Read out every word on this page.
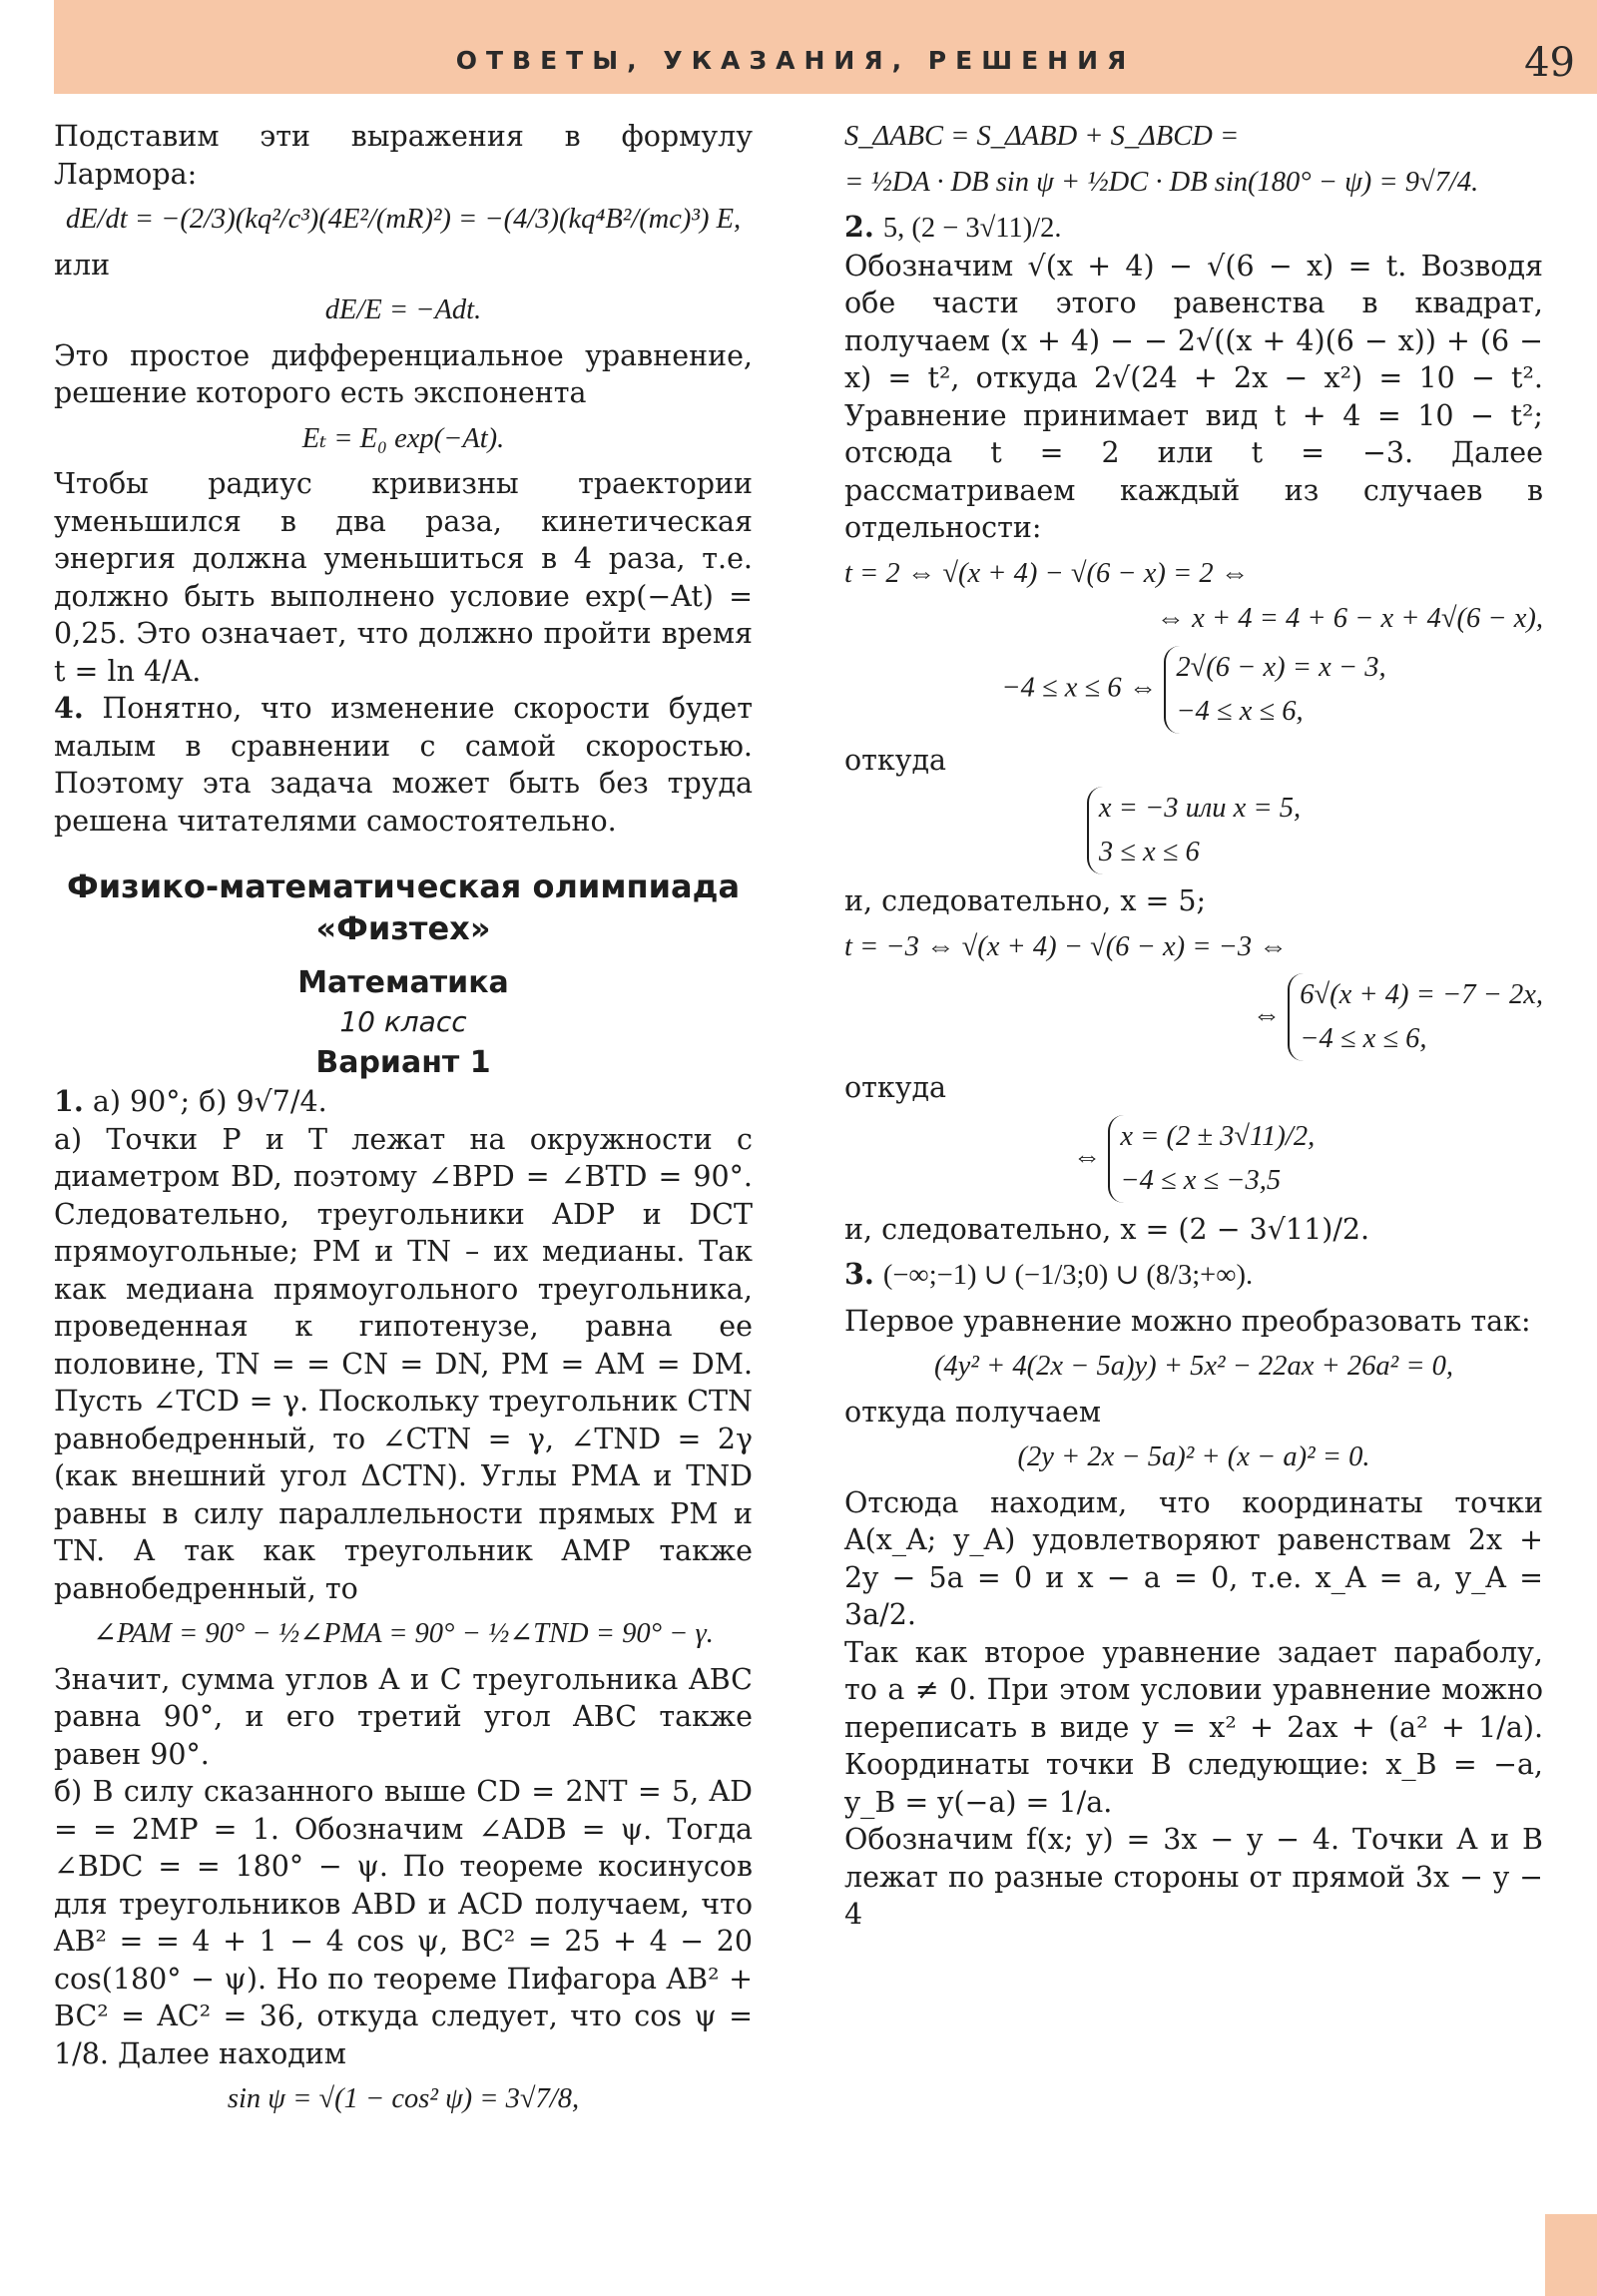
ОТВЕТЫ, УКАЗАНИЯ, РЕШЕНИЯ	49

Подставим эти выражения в формулу Лармора:

dE/dt = −(2/3)(kq²/c³)(4E²/(mR)²) = −(4/3)(kq⁴B²/(mc)³) E,

или

dE/E = −Adt.

Это простое дифференциальное уравнение, решение которого есть экспонента

Eₜ = E₀ exp(−At).

Чтобы радиус кривизны траектории уменьшился в два раза, кинетическая энергия должна уменьшиться в 4 раза, т.е. должно быть выполнено условие exp(−At) = 0,25. Это означает, что должно пройти время t = ln 4/A.

4. Понятно, что изменение скорости будет малым в сравнении с самой скоростью. Поэтому эта задача может быть без труда решена читателями самостоятельно.

Физико-математическая олимпиада
«Физтех»
Математика
10 класс
Вариант 1

1. а) 90°; б) 9√7/4.

а) Точки P и T лежат на окружности с диаметром BD, поэтому ∠BPD = ∠BTD = 90°. Следовательно, треугольники ADP и DCT прямоугольные; PM и TN – их медианы. Так как медиана прямоугольного треугольника, проведенная к гипотенузе, равна ее половине, TN = = CN = DN, PM = AM = DM. Пусть ∠TCD = γ. Поскольку треугольник CTN равнобедренный, то ∠CTN = γ, ∠TND = 2γ (как внешний угол ΔCTN). Углы PMA и TND равны в силу параллельности прямых PM и TN. А так как треугольник AMP также равнобедренный, то

∠PAM = 90° − ½∠PMA = 90° − ½∠TND = 90° − γ.

Значит, сумма углов A и C треугольника ABC равна 90°, и его третий угол ABC также равен 90°.

б) В силу сказанного выше CD = 2NT = 5, AD = = 2MP = 1. Обозначим ∠ADB = ψ. Тогда ∠BDC = = 180° − ψ. По теореме косинусов для треугольников ABD и ACD получаем, что AB² = = 4 + 1 − 4 cos ψ, BC² = 25 + 4 − 20 cos(180° − ψ). Но по теореме Пифагора AB² + BC² = AC² = 36, откуда следует, что cos ψ = 1/8. Далее находим

sin ψ = √(1 − cos² ψ) = 3√7/8,
S_ΔABC = S_ΔABD + S_ΔBCD =
= ½DA · DB sin ψ + ½DC · DB sin(180° − ψ) = 9√7/4.

2. 5, (2 − 3√11)/2.

Обозначим √(x + 4) − √(6 − x) = t. Возводя обе части этого равенства в квадрат, получаем (x + 4) − − 2√((x + 4)(6 − x)) + (6 − x) = t², откуда 2√(24 + 2x − x²) = 10 − t². Уравнение принимает вид t + 4 = 10 − t²; отсюда t = 2 или t = −3. Далее рассматриваем каждый из случаев в отдельности:

t = 2 ⇔ √(x + 4) − √(6 − x) = 2 ⇔
⇔ x + 4 = 4 + 6 − x + 4√(6 − x),
−4 ≤ x ≤ 6 ⇔
2√(6 − x) = x − 3,
−4 ≤ x ≤ 6,

откуда

x = −3 или x = 5,
3 ≤ x ≤ 6

и, следовательно, x = 5;

t = −3 ⇔ √(x + 4) − √(6 − x) = −3 ⇔
⇔
6√(x + 4) = −7 − 2x,
−4 ≤ x ≤ 6,

откуда

⇔
x = (2 ± 3√11)/2,
−4 ≤ x ≤ −3,5

и, следовательно, x = (2 − 3√11)/2.

3. (−∞;−1) ∪ (−1/3;0) ∪ (8/3;+∞).

Первое уравнение можно преобразовать так:

(4y² + 4(2x − 5a)y) + 5x² − 22ax + 26a² = 0,

откуда получаем

(2y + 2x − 5a)² + (x − a)² = 0.

Отсюда находим, что координаты точки A(x_A; y_A) удовлетворяют равенствам 2x + 2y − 5a = 0 и x − a = 0, т.е. x_A = a, y_A = 3a/2.

Так как второе уравнение задает параболу, то a ≠ 0. При этом условии уравнение можно переписать в виде y = x² + 2ax + (a² + 1/a). Координаты точки B следующие: x_B = −a, y_B = y(−a) = 1/a.

Обозначим f(x; y) = 3x − y − 4. Точки A и B лежат по разные стороны от прямой 3x − y − 4
